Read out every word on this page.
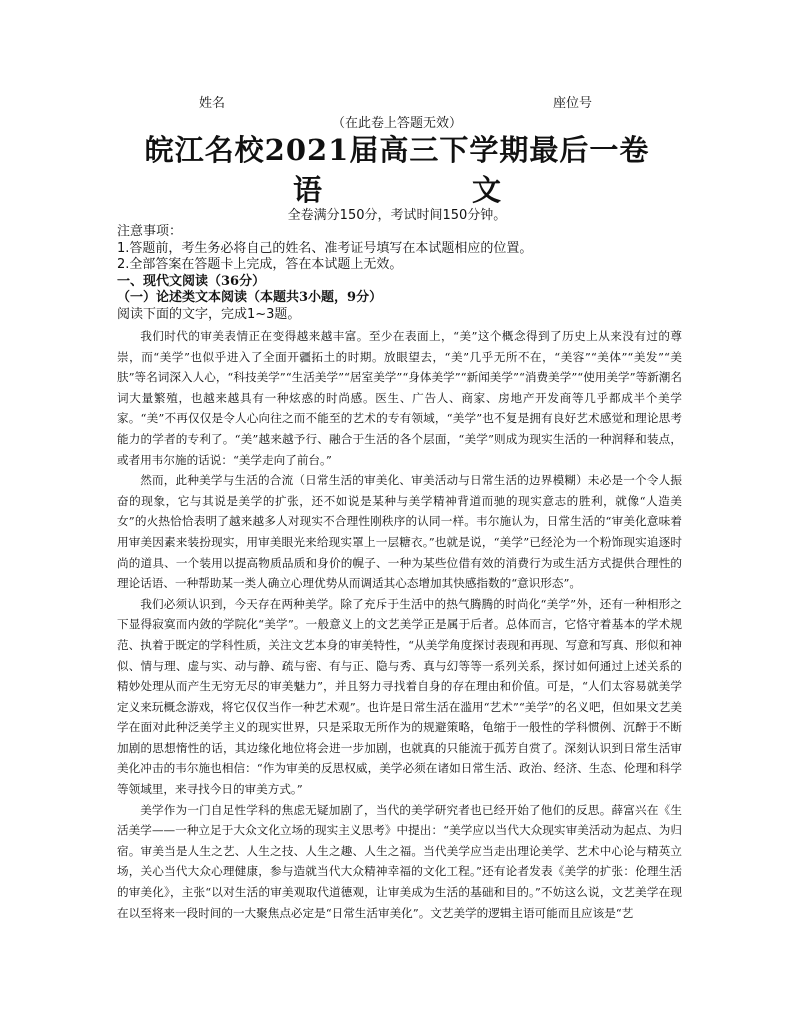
姓名	座位号
（在此卷上答题无效）
皖江名校2021届高三下学期最后一卷
语	文
全卷满分150分，考试时间150分钟。
注意事项：
1.答题前，考生务必将自己的姓名、准考证号填写在本试题相应的位置。
2.全部答案在答题卡上完成，答在本试题上无效。
一、现代文阅读（36分）
（一）论述类文本阅读（本题共3小题，9分）
阅读下面的文字，完成1~3题。

我们时代的审美表情正在变得越来越丰富。至少在表面上，“美”这个概念得到了历史上从来没有过的尊崇，而“美学”也似乎进入了全面开疆拓土的时期。放眼望去，“美”几乎无所不在，“美容”“美体”“美发”“美肤”等名词深入人心，“科技美学”“生活美学”“居室美学”“身体美学”“新闻美学”“消费美学”“使用美学”等新潮名词大量繁殖，也越来越具有一种炫惑的时尚感。医生、广告人、商家、房地产开发商等几乎都成半个美学家。“美”不再仅仅是令人心向往之而不能至的艺术的专有领域，“美学”也不复是拥有良好艺术感觉和理论思考能力的学者的专利了。“美”越来越予行、融合于生活的各个层面，“美学”则成为现实生活的一种润释和装点，或者用韦尔施的话说：“美学走向了前台。”

然而，此种美学与生活的合流（日常生活的审美化、审美活动与日常生活的边界模糊）未必是一个令人振奋的现象，它与其说是美学的扩张，还不如说是某种与美学精神背道而驰的现实意志的胜利，就像“人造美女”的火热恰恰表明了越来越多人对现实不合理性刚秩序的认同一样。韦尔施认为，日常生活的“审美化意味着用审美因素来装扮现实，用审美眼光来给现实罩上一层糖衣。”也就是说，“美学”已经沦为一个粉饰现实追逐时尚的道具、一个装用以提高物质品质和身价的幌子、一种为某些位借有效的消费行为或生活方式提供合理性的理论话语、一种帮助某一类人确立心理优势从而调适其心态增加其快感指数的“意识形态”。

我们必须认识到，今天存在两种美学。除了充斥于生活中的热气腾腾的时尚化“美学”外，还有一种相形之下显得寂寞而内敛的学院化“美学”。一般意义上的文艺美学正是属于后者。总体而言，它恪守着基本的学术规范、执着于既定的学科性质，关注文艺本身的审美特性，“从美学角度探讨表现和再现、写意和写真、形似和神似、情与理、虚与实、动与静、疏与密、有与正、隐与秀、真与幻等等一系列关系，探讨如何通过上述关系的精妙处理从而产生无穷无尽的审美魅力”，并且努力寻找着自身的存在理由和价值。可是，“人们太容易就美学定义来玩概念游戏，将它仅仅当作一种艺术观”。也许是日常生活在滥用“艺术”“美学”的名义吧，但如果文艺美学在面对此种泛美学主义的现实世界，只是采取无所作为的规避策略，龟缩于一般性的学科惯例、沉醉于不断加剧的思想惰性的话，其边缘化地位将会进一步加剧，也就真的只能流于孤芳自赏了。深刻认识到日常生活审美化冲击的韦尔施也相信：“作为审美的反思权威，美学必须在诸如日常生活、政治、经济、生态、伦理和科学等领域里，来寻找今日的审美方式。”

美学作为一门自足性学科的焦虑无疑加剧了，当代的美学研究者也已经开始了他们的反思。薛富兴在《生活美学——一种立足于大众文化立场的现实主义思考》中提出：“美学应以当代大众现实审美活动为起点、为归宿。审美当是人生之艺、人生之技、人生之趣、人生之福。当代美学应当走出理论美学、艺术中心论与精英立场，关心当代大众心理健康，参与造就当代大众精神幸福的文化工程。”还有论者发表《美学的扩张：伦理生活的审美化》，主张“以对生活的审美观取代道德观，让审美成为生活的基础和目的。”不妨这么说，文艺美学在现在以至将来一段时间的一大聚焦点必定是“日常生活审美化”。文艺美学的逻辑主语可能而且应该是“艺
